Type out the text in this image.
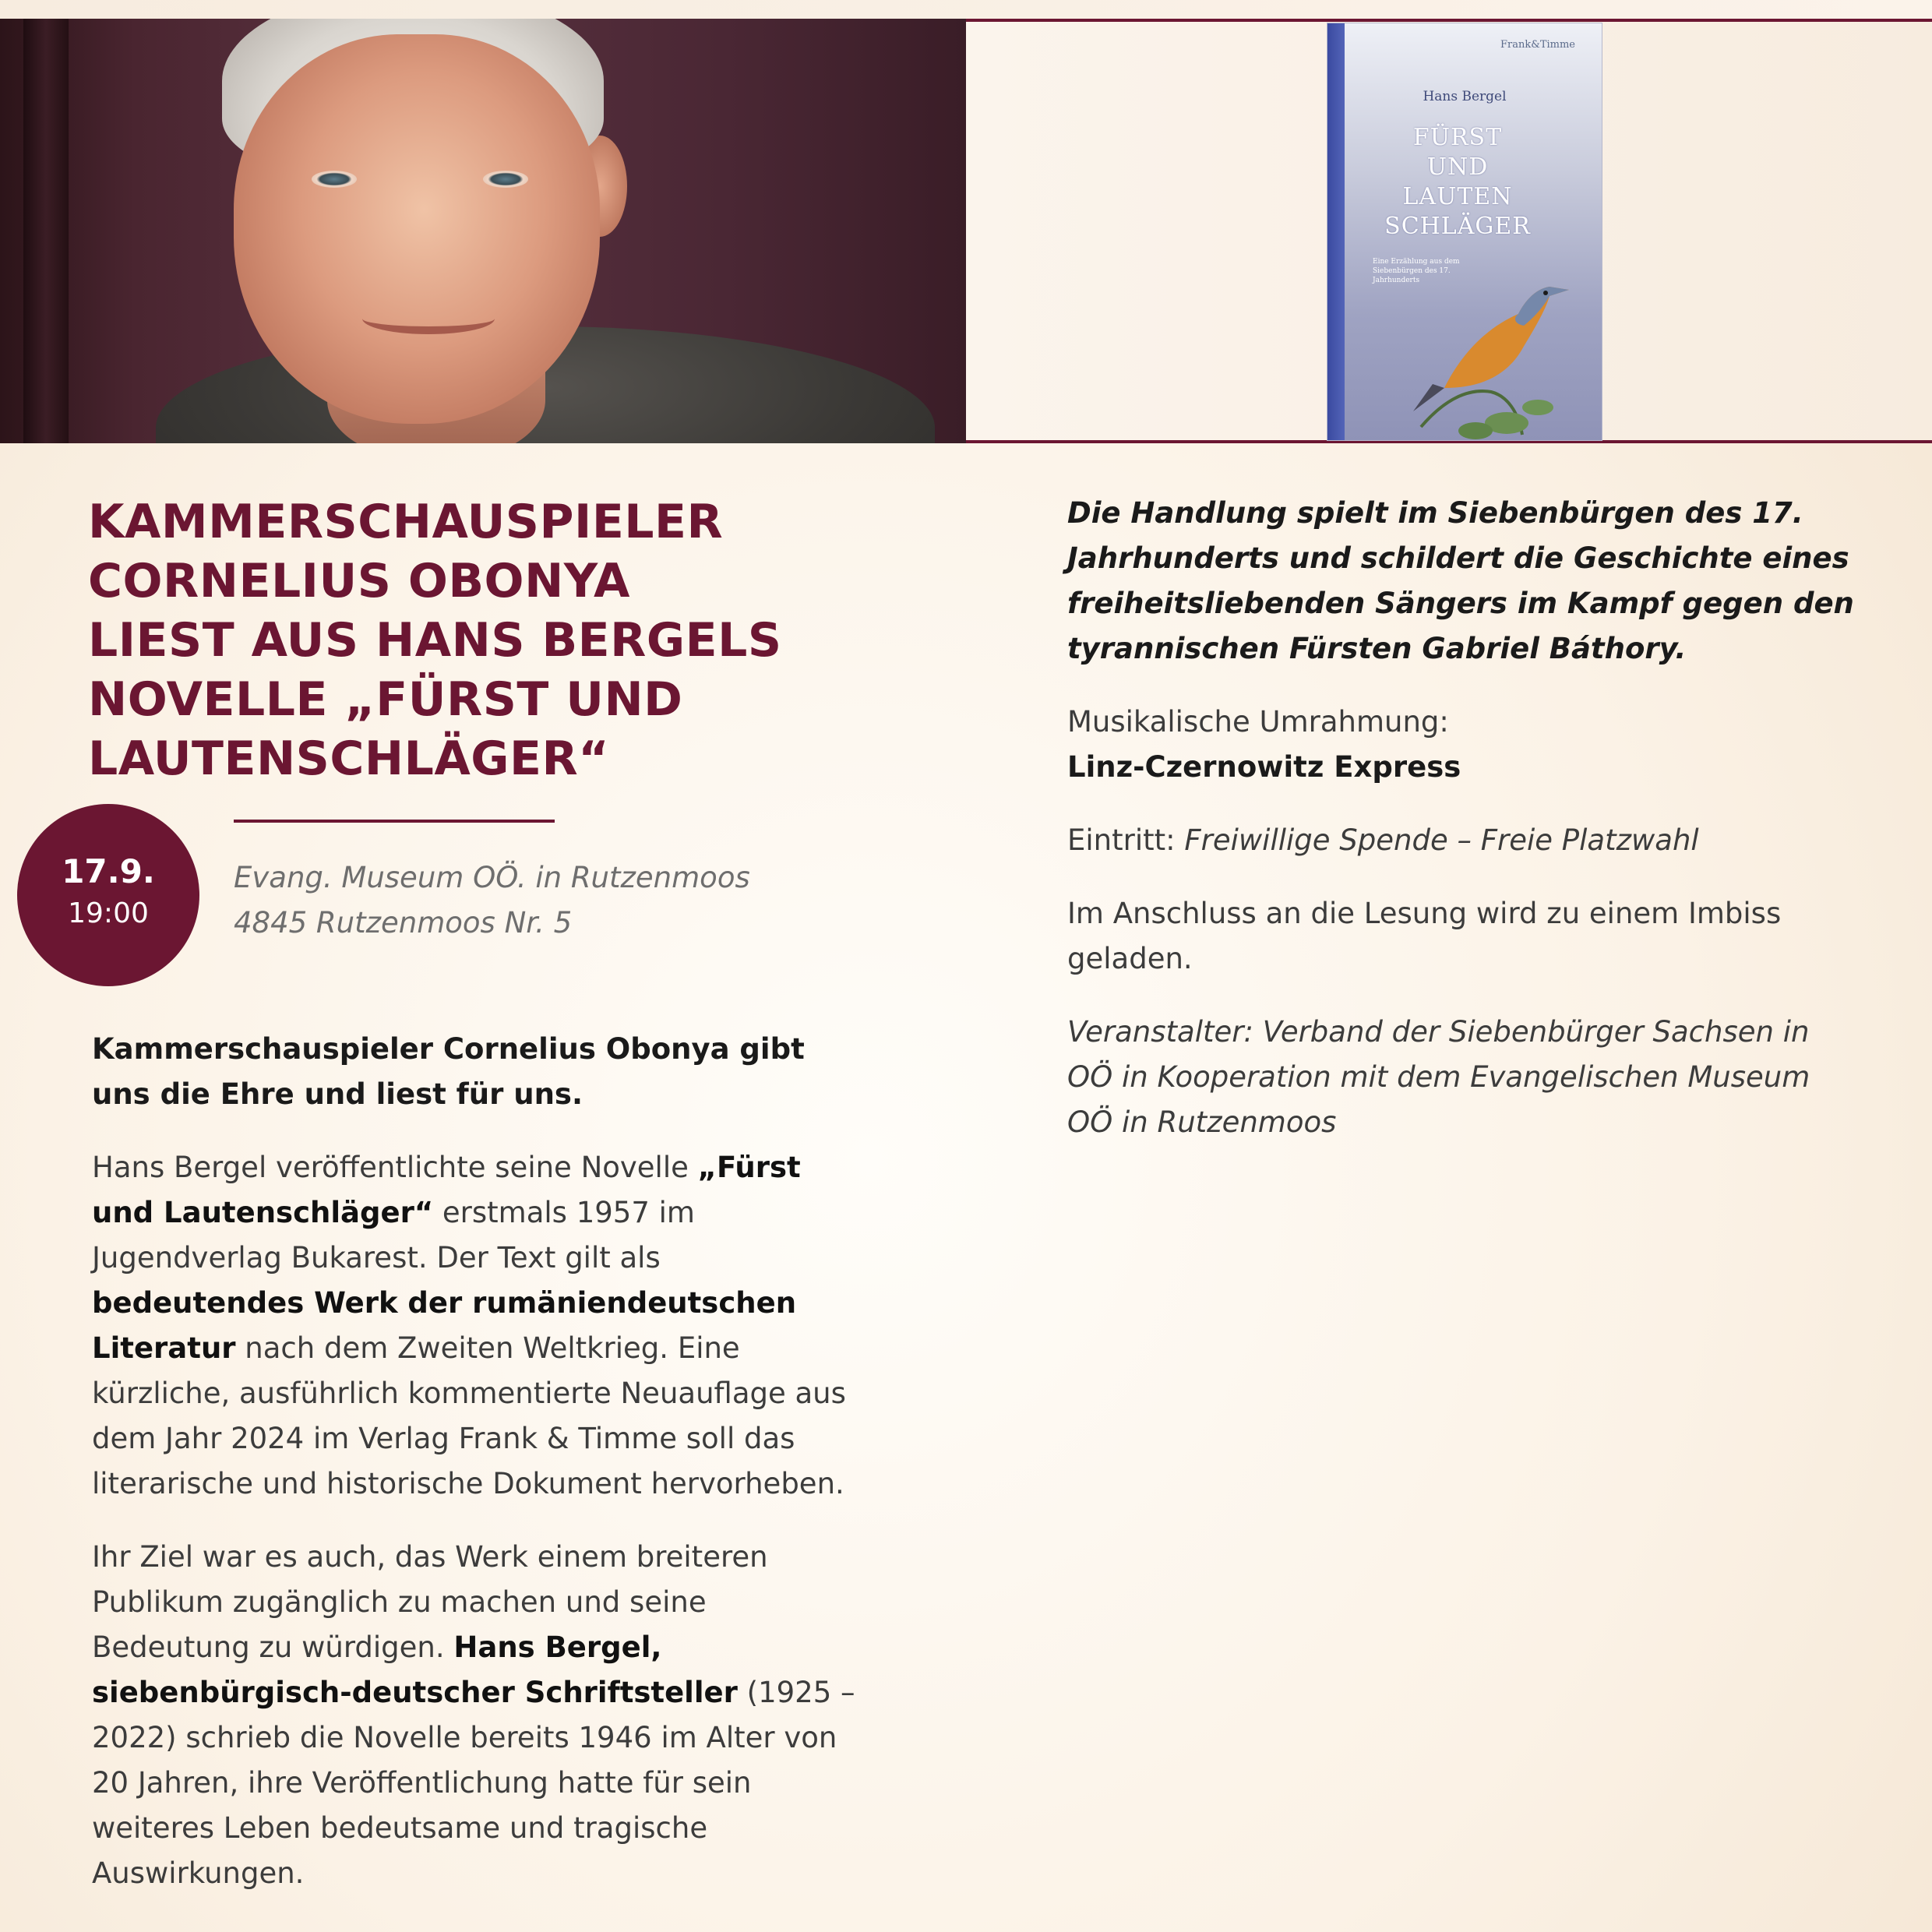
Frank&Timme
Hans Bergel
FÜRST
UND
LAUTEN
SCHLÄGER
Eine Erzählung aus dem Siebenbürgen des 17. Jahrhunderts
KAMMERSCHAUSPIELER
CORNELIUS OBONYA
LIEST AUS HANS BERGELS
NOVELLE „FÜRST UND
LAUTENSCHLÄGER“
17.9.
19:00
Evang. Museum OÖ. in Rutzenmoos
4845 Rutzenmoos Nr. 5

Kammerschauspieler Cornelius Obonya gibt uns die Ehre und liest für uns.

Hans Bergel veröffentlichte seine Novelle „Fürst und Lautenschläger“ erstmals 1957 im Jugendverlag Bukarest. Der Text gilt als bedeutendes Werk der rumäniendeutschen Literatur nach dem Zweiten Weltkrieg. Eine kürzliche, ausführlich kommentierte Neuauflage aus dem Jahr 2024 im Verlag Frank & Timme soll das literarische und historische Dokument hervorheben.

Ihr Ziel war es auch, das Werk einem breiteren Publikum zugänglich zu machen und seine Bedeutung zu würdigen. Hans Bergel, siebenbürgisch-deutscher Schriftsteller (1925 – 2022) schrieb die Novelle bereits 1946 im Alter von 20 Jahren, ihre Veröffentlichung hatte für sein weiteres Leben bedeutsame und tragische Auswirkungen.

Die Handlung spielt im Siebenbürgen des 17. Jahrhunderts und schildert die Geschichte eines freiheitsliebenden Sängers im Kampf gegen den tyrannischen Fürsten Gabriel Báthory.

Musikalische Umrahmung:
Linz-Czernowitz Express

Eintritt: Freiwillige Spende – Freie Platzwahl

Im Anschluss an die Lesung wird zu einem Imbiss geladen.

Veranstalter: Verband der Siebenbürger Sachsen in OÖ in Kooperation mit dem Evangelischen Museum OÖ in Rutzenmoos
